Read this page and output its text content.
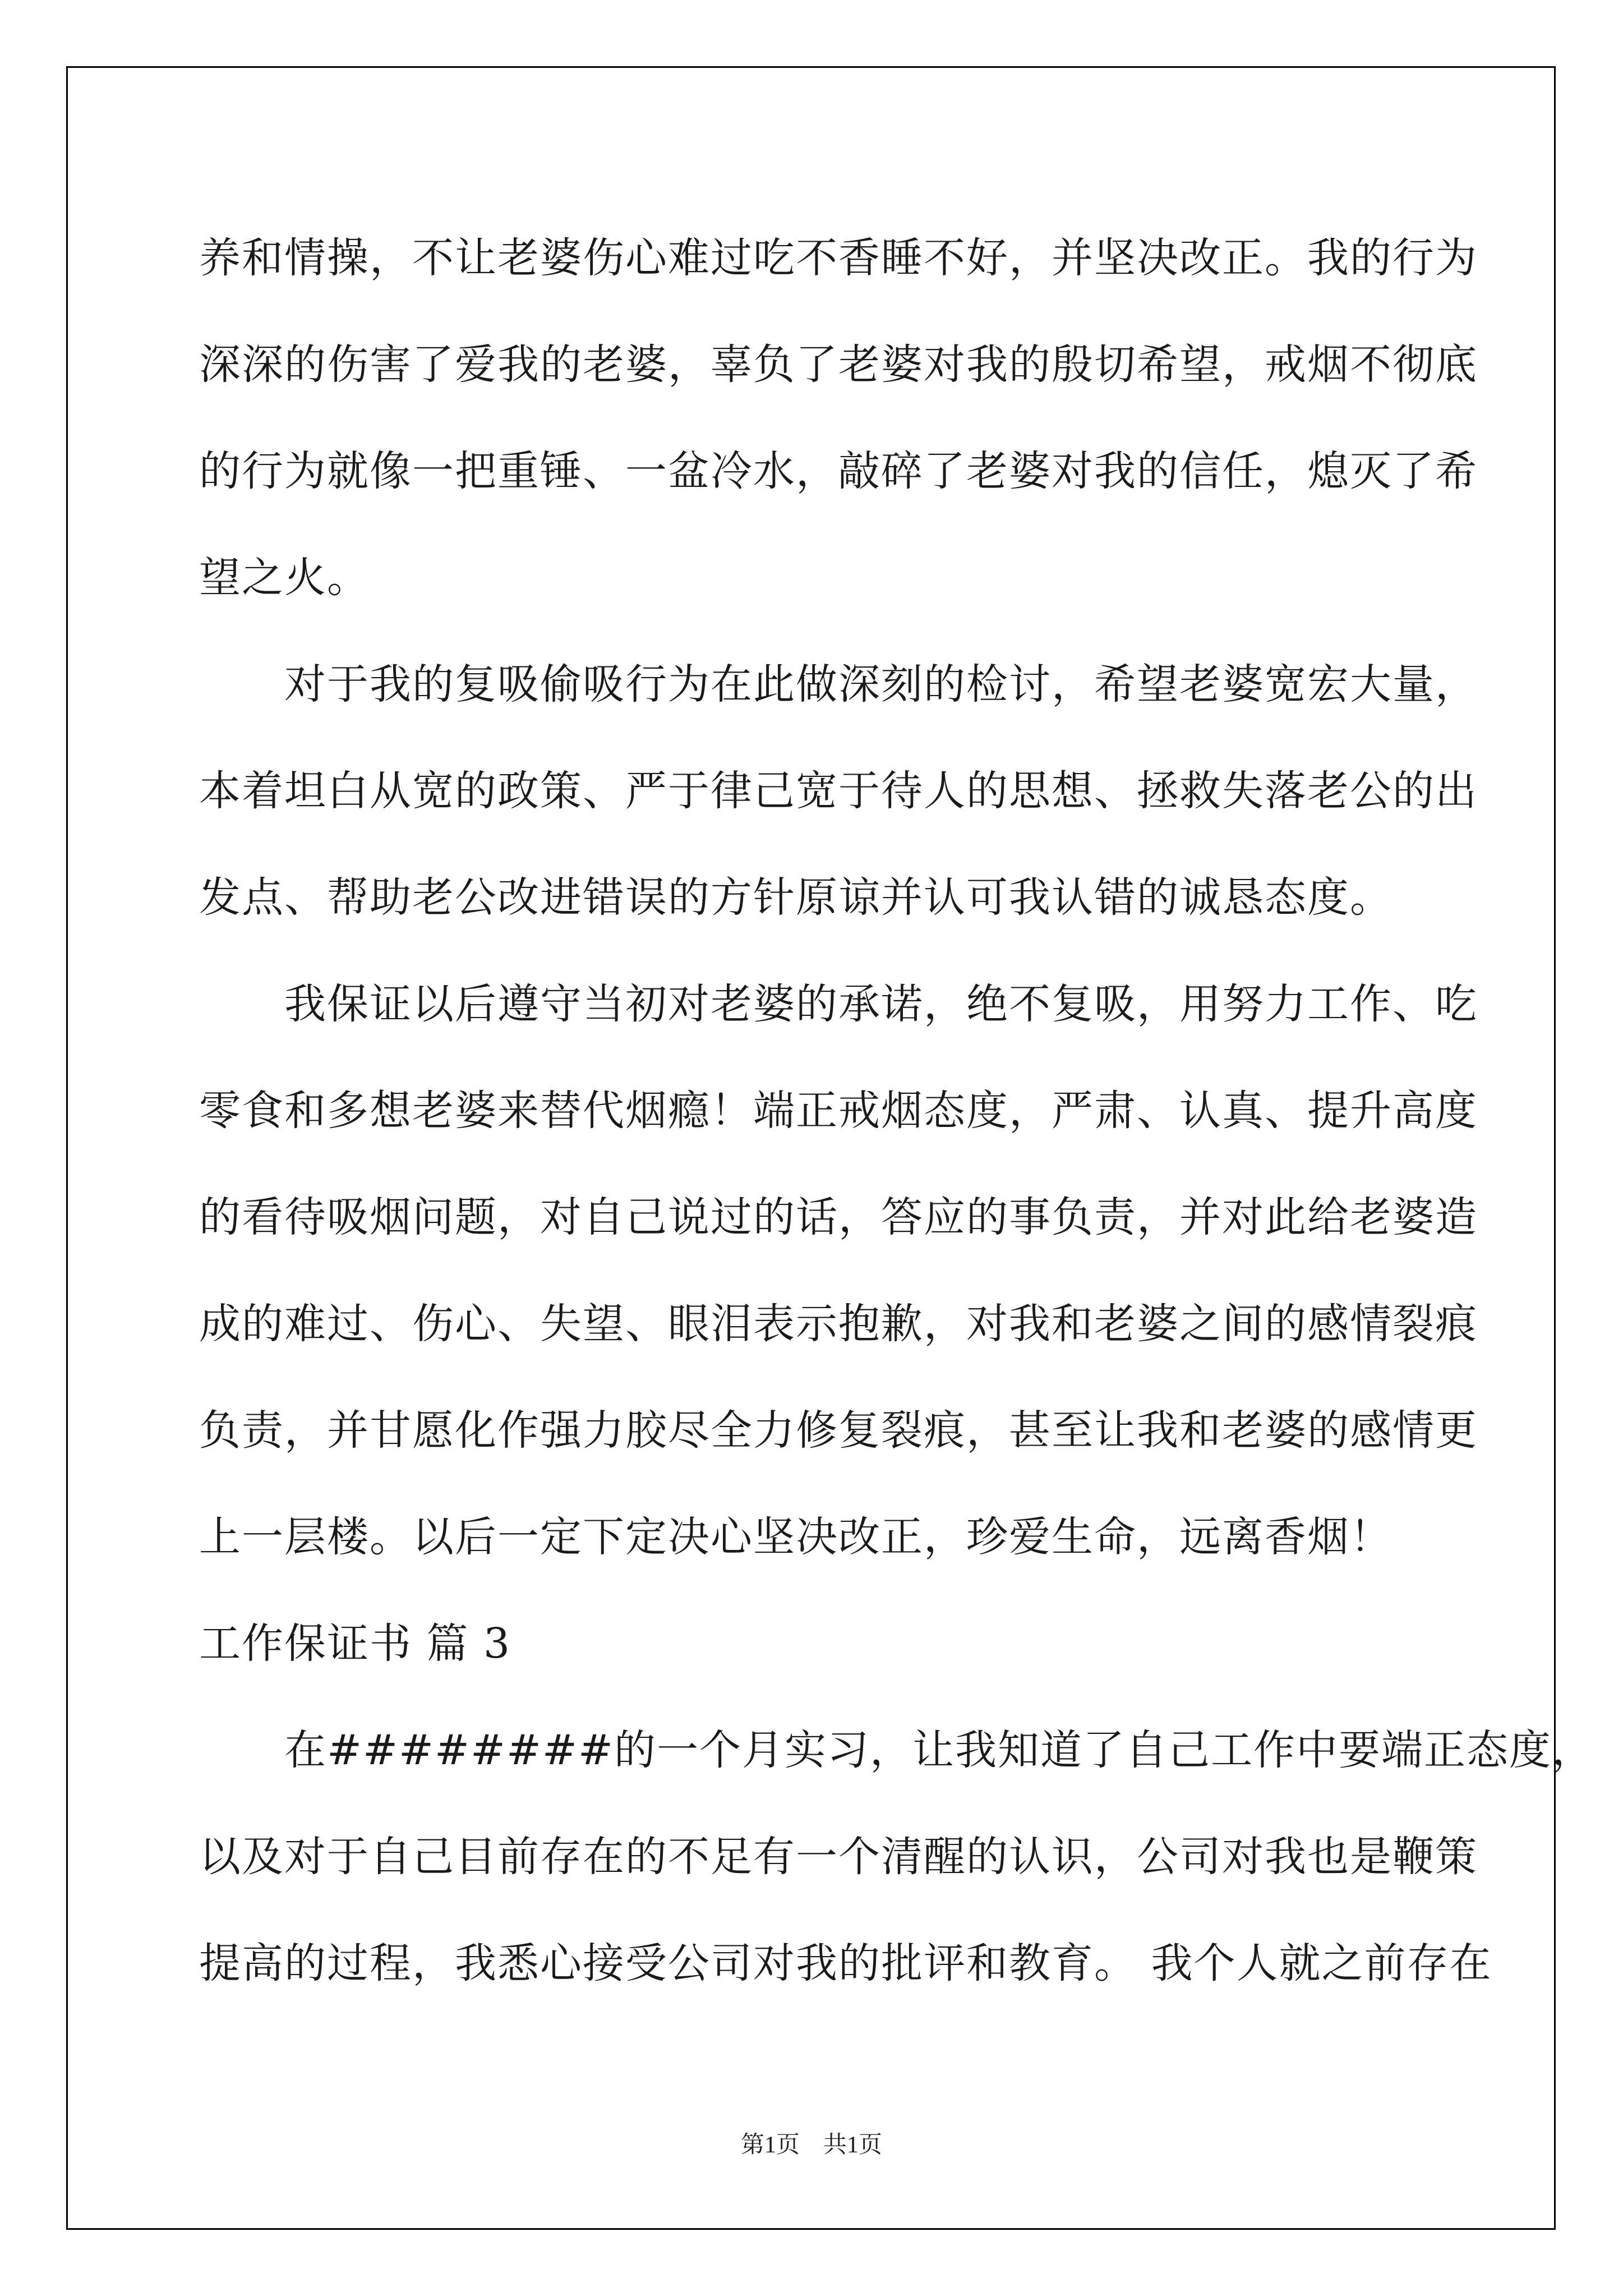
养和情操，不让老婆伤心难过吃不香睡不好，并坚决改正。我的行为

深深的伤害了爱我的老婆，辜负了老婆对我的殷切希望，戒烟不彻底

的行为就像一把重锤、一盆冷水，敲碎了老婆对我的信任，熄灭了希

望之火。

　　对于我的复吸偷吸行为在此做深刻的检讨，希望老婆宽宏大量，

本着坦白从宽的政策、严于律己宽于待人的思想、拯救失落老公的出

发点、帮助老公改进错误的方针原谅并认可我认错的诚恳态度。

　　我保证以后遵守当初对老婆的承诺，绝不复吸，用努力工作、吃

零食和多想老婆来替代烟瘾！端正戒烟态度，严肃、认真、提升高度

的看待吸烟问题，对自己说过的话，答应的事负责，并对此给老婆造

成的难过、伤心、失望、眼泪表示抱歉，对我和老婆之间的感情裂痕

负责，并甘愿化作强力胶尽全力修复裂痕，甚至让我和老婆的感情更

上一层楼。以后一定下定决心坚决改正，珍爱生命，远离香烟！

工作保证书 篇 3

　　在########的一个月实习，让我知道了自己工作中要端正态度，

以及对于自己目前存在的不足有一个清醒的认识，公司对我也是鞭策

提高的过程，我悉心接受公司对我的批评和教育。 我个人就之前存在

第1页　共1页
